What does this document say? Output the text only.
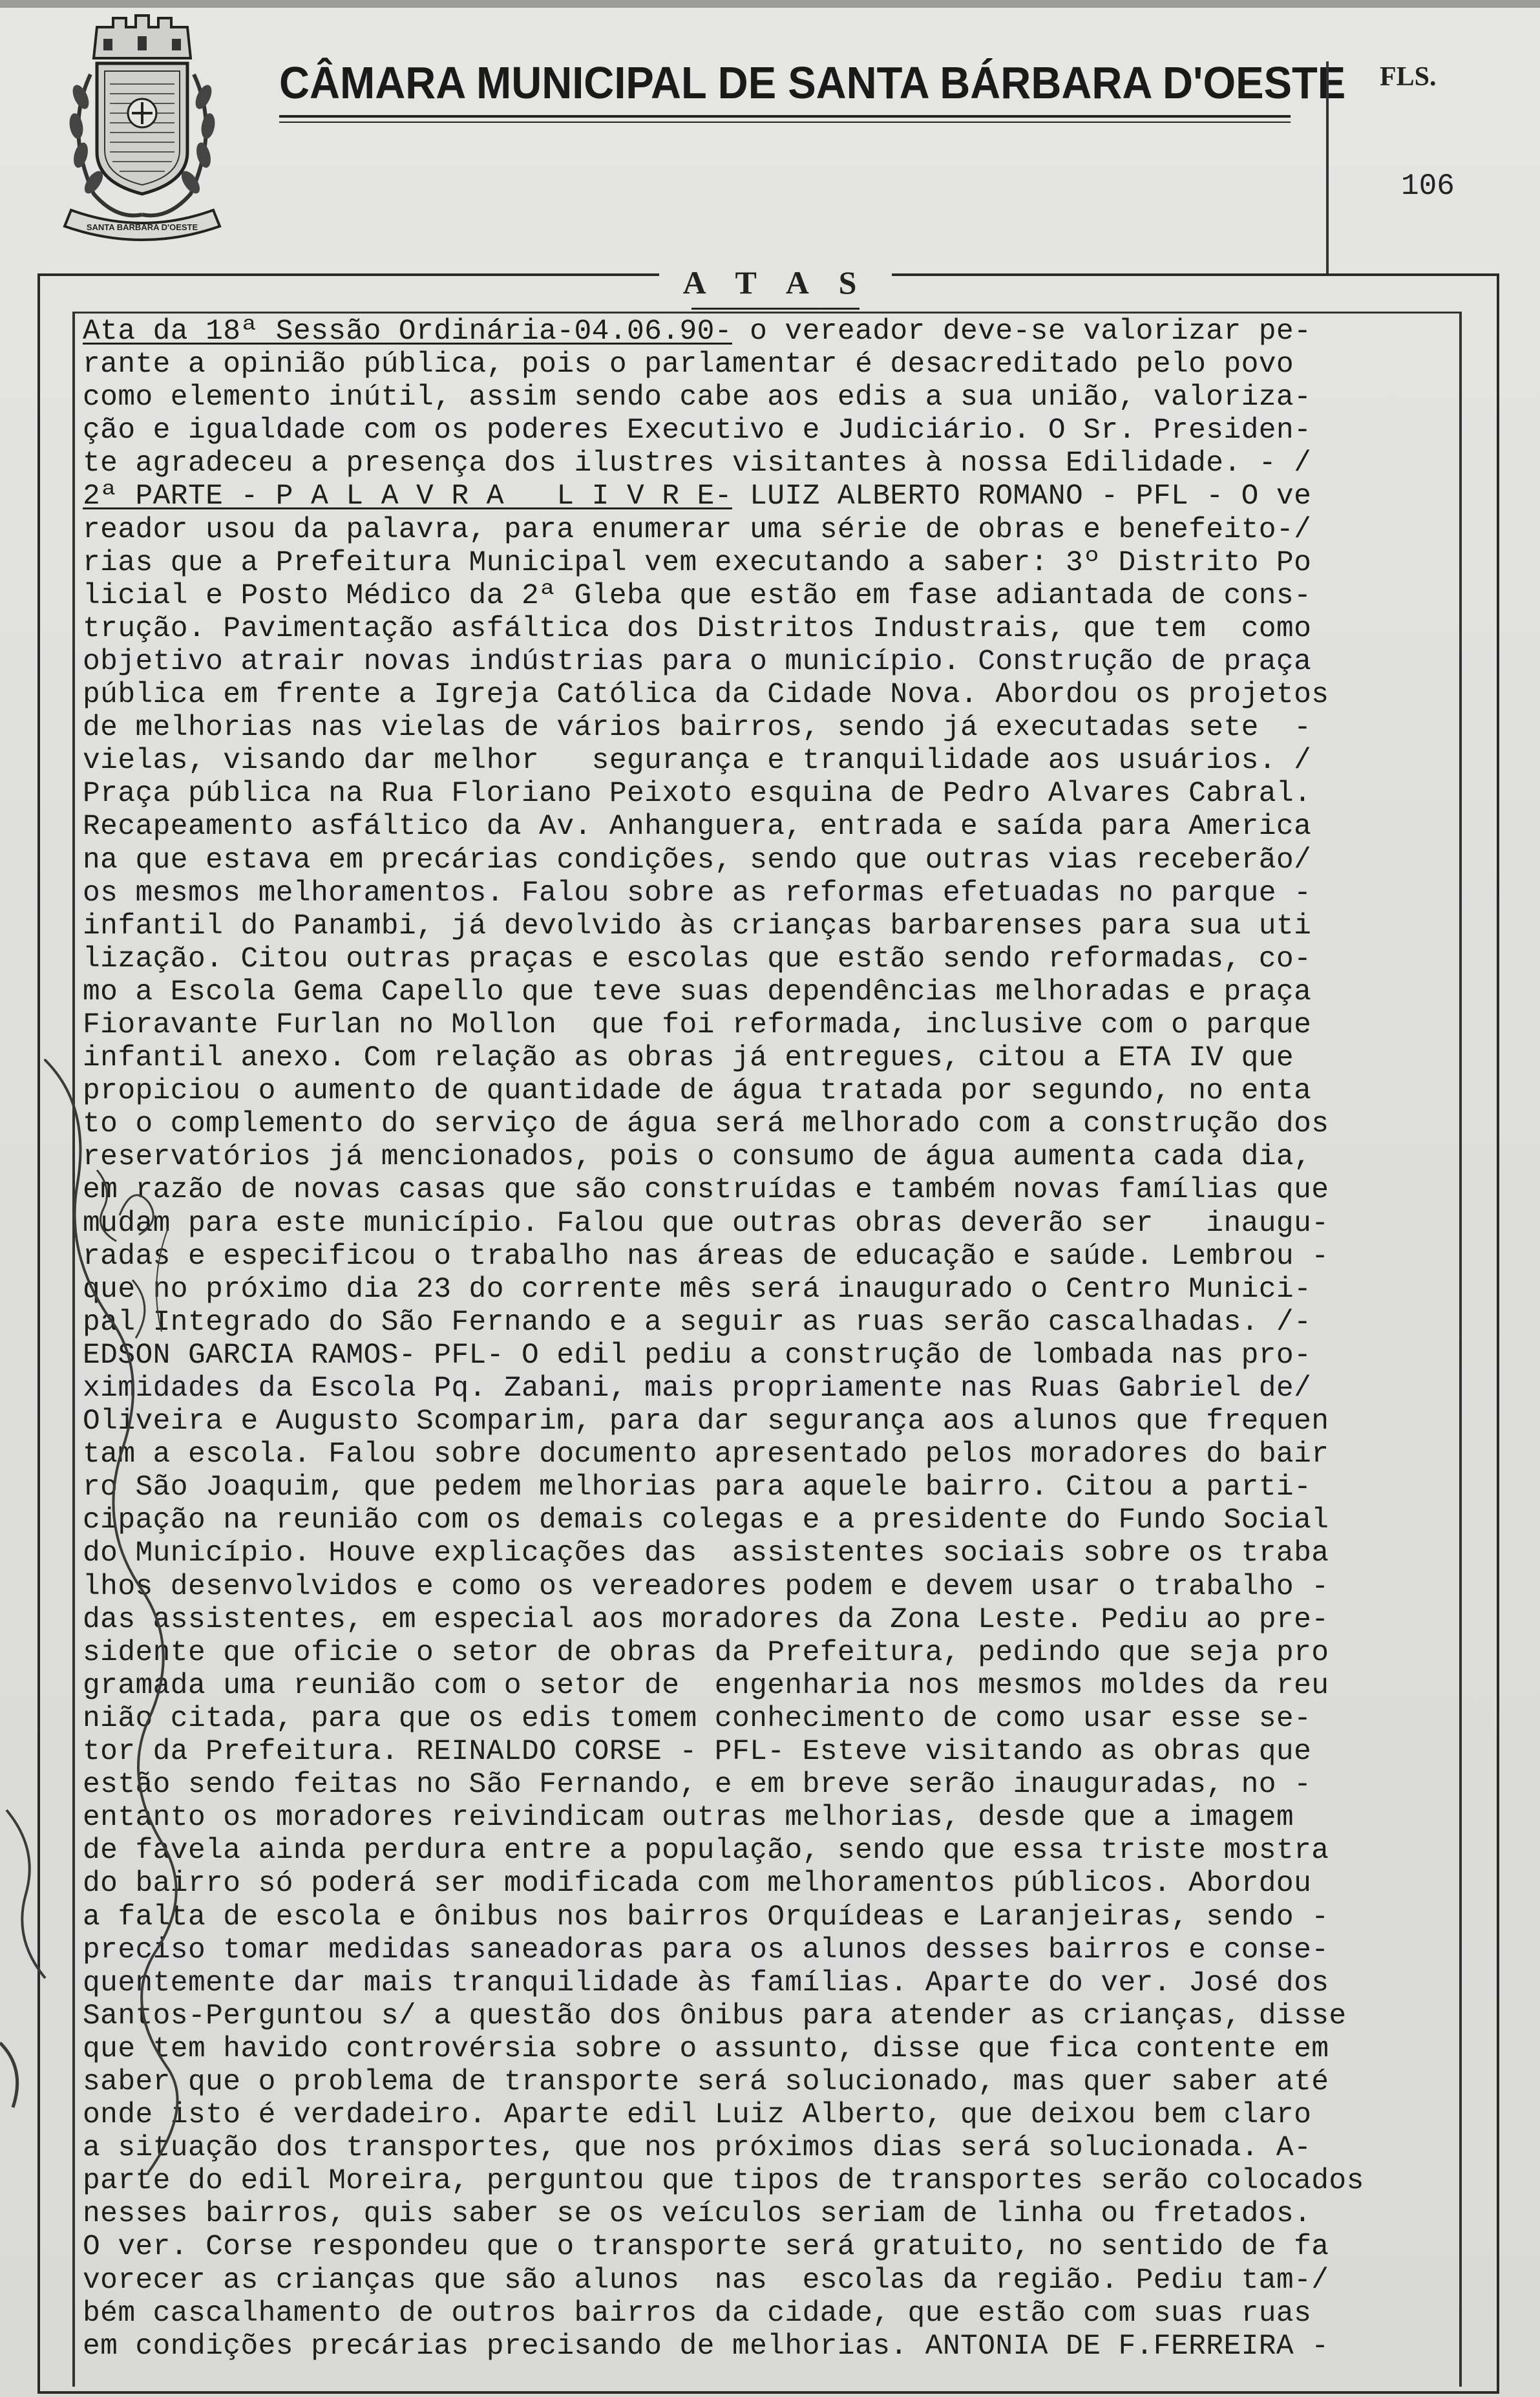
SANTA BARBARA D'OESTE
CÂMARA MUNICIPAL DE SANTA BÁRBARA D'OESTE FLS.
106
A T A S
Ata da 18ª Sessão Ordinária-04.06.90- o vereador deve-se valorizar pe-
rante a opinião pública, pois o parlamentar é desacreditado pelo povo
como elemento inútil, assim sendo cabe aos edis a sua união, valoriza-
ção e igualdade com os poderes Executivo e Judiciário. O Sr. Presiden-
te agradeceu a presença dos ilustres visitantes à nossa Edilidade. - /
2ª PARTE - P A L A V R A   L I V R E- LUIZ ALBERTO ROMANO - PFL - O ve
reador usou da palavra, para enumerar uma série de obras e benefeito-/
rias que a Prefeitura Municipal vem executando a saber: 3º Distrito Po
licial e Posto Médico da 2ª Gleba que estão em fase adiantada de cons-
trução. Pavimentação asfáltica dos Distritos Industrais, que tem  como
objetivo atrair novas indústrias para o município. Construção de praça
pública em frente a Igreja Católica da Cidade Nova. Abordou os projetos
de melhorias nas vielas de vários bairros, sendo já executadas sete  -
vielas, visando dar melhor   segurança e tranquilidade aos usuários. /
Praça pública na Rua Floriano Peixoto esquina de Pedro Alvares Cabral.
Recapeamento asfáltico da Av. Anhanguera, entrada e saída para America
na que estava em precárias condições, sendo que outras vias receberão/
os mesmos melhoramentos. Falou sobre as reformas efetuadas no parque -
infantil do Panambi, já devolvido às crianças barbarenses para sua uti
lização. Citou outras praças e escolas que estão sendo reformadas, co-
mo a Escola Gema Capello que teve suas dependências melhoradas e praça
Fioravante Furlan no Mollon  que foi reformada, inclusive com o parque
infantil anexo. Com relação as obras já entregues, citou a ETA IV que
propiciou o aumento de quantidade de água tratada por segundo, no enta
to o complemento do serviço de água será melhorado com a construção dos
reservatórios já mencionados, pois o consumo de água aumenta cada dia,
em razão de novas casas que são construídas e também novas famílias que
mudam para este município. Falou que outras obras deverão ser   inaugu-
radas e especificou o trabalho nas áreas de educação e saúde. Lembrou -
que no próximo dia 23 do corrente mês será inaugurado o Centro Munici-
pal Integrado do São Fernando e a seguir as ruas serão cascalhadas. /-
EDSON GARCIA RAMOS- PFL- O edil pediu a construção de lombada nas pro-
ximidades da Escola Pq. Zabani, mais propriamente nas Ruas Gabriel de/
Oliveira e Augusto Scomparim, para dar segurança aos alunos que frequen
tam a escola. Falou sobre documento apresentado pelos moradores do bair
ro São Joaquim, que pedem melhorias para aquele bairro. Citou a parti-
cipação na reunião com os demais colegas e a presidente do Fundo Social
do Município. Houve explicações das  assistentes sociais sobre os traba
lhos desenvolvidos e como os vereadores podem e devem usar o trabalho -
das assistentes, em especial aos moradores da Zona Leste. Pediu ao pre-
sidente que oficie o setor de obras da Prefeitura, pedindo que seja pro
gramada uma reunião com o setor de  engenharia nos mesmos moldes da reu
nião citada, para que os edis tomem conhecimento de como usar esse se-
tor da Prefeitura. REINALDO CORSE - PFL- Esteve visitando as obras que
estão sendo feitas no São Fernando, e em breve serão inauguradas, no -
entanto os moradores reivindicam outras melhorias, desde que a imagem
de favela ainda perdura entre a população, sendo que essa triste mostra
do bairro só poderá ser modificada com melhoramentos públicos. Abordou
a falta de escola e ônibus nos bairros Orquídeas e Laranjeiras, sendo -
preciso tomar medidas saneadoras para os alunos desses bairros e conse-
quentemente dar mais tranquilidade às famílias. Aparte do ver. José dos
Santos-Perguntou s/ a questão dos ônibus para atender as crianças, disse
que tem havido controvérsia sobre o assunto, disse que fica contente em
saber que o problema de transporte será solucionado, mas quer saber até
onde isto é verdadeiro. Aparte edil Luiz Alberto, que deixou bem claro
a situação dos transportes, que nos próximos dias será solucionada. A-
parte do edil Moreira, perguntou que tipos de transportes serão colocados
nesses bairros, quis saber se os veículos seriam de linha ou fretados.
O ver. Corse respondeu que o transporte será gratuito, no sentido de fa
vorecer as crianças que são alunos  nas  escolas da região. Pediu tam-/
bém cascalhamento de outros bairros da cidade, que estão com suas ruas
em condições precárias precisando de melhorias. ANTONIA DE F.FERREIRA -
